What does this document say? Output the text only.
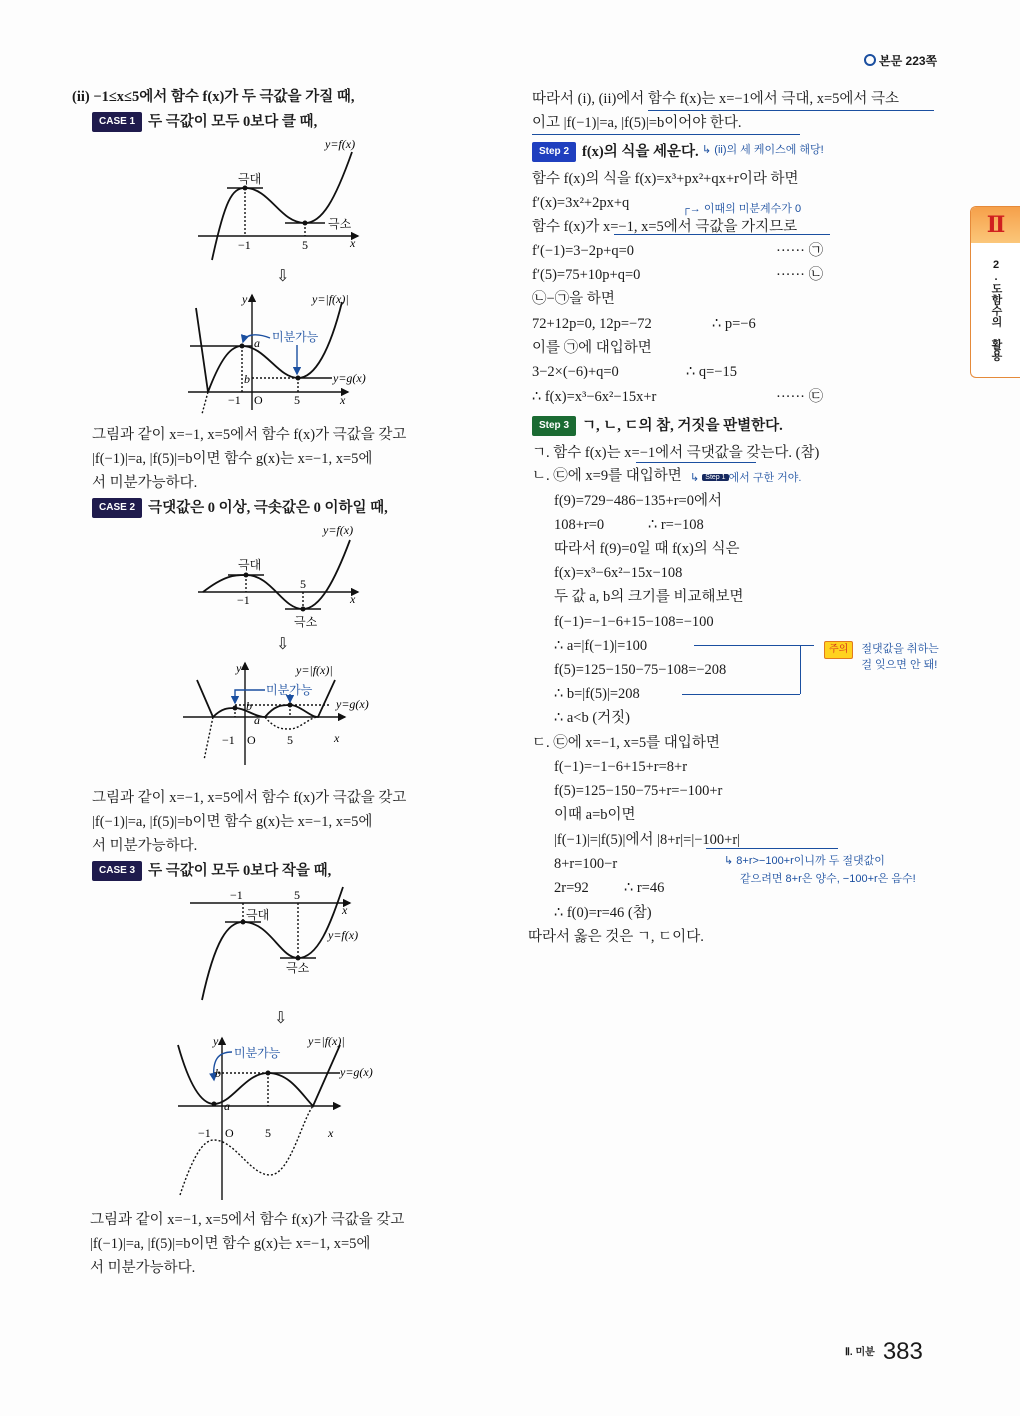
본문 223쪽
Ⅱ
2.도함수의 활용
(ii) −1≤x≤5에서 함수 f(x)가 두 극값을 가질 때,
CASE 1 두 극값이 모두 0보다 클 때,
y=f(x)
극대
극소
−1	5	x
y=|f(x)|
y
미분가능
a
b	y=g(x)
−1 O	5	x
y=f(x)
극대
극소
−1
5
x
y=|f(x)|
y
미분가능
b
a
y=g(x)
−1 O	5	x
−1	5
극대
극소
x
y=f(x)
y=|f(x)|
y
미분가능
b
a
y=g(x)
−1 O	5	x
⇩
⇩
⇩
그림과 같이 x=−1, x=5에서 함수 f(x)가 극값을 갖고
|f(−1)|=a, |f(5)|=b이면 함수 g(x)는 x=−1, x=5에
서 미분가능하다.
CASE 2 극댓값은 0 이상, 극솟값은 0 이하일 때,
그림과 같이 x=−1, x=5에서 함수 f(x)가 극값을 갖고
|f(−1)|=a, |f(5)|=b이면 함수 g(x)는 x=−1, x=5에
서 미분가능하다.
CASE 3 두 극값이 모두 0보다 작을 때,
그림과 같이 x=−1, x=5에서 함수 f(x)가 극값을 갖고
|f(−1)|=a, |f(5)|=b이면 함수 g(x)는 x=−1, x=5에
서 미분가능하다.
따라서 (i), (ii)에서 함수 f(x)는 x=−1에서 극대, x=5에서 극소
이고 |f(−1)|=a, |f(5)|=b이어야 한다.
Step 2 f(x)의 식을 세운다. ↳ (ii)의 세 케이스에 해당!
함수 f(x)의 식을 f(x)=x³+px²+qx+r이라 하면
f′(x)=3x²+2px+q	┌→ 이때의 미분계수가 0
함수 f(x)가 x=−1, x=5에서 극값을 가지므로
f′(−1)=3−2p+q=0	······ ㉠
f′(5)=75+10p+q=0	······ ㉡
㉡−㉠을 하면
72+12p=0, 12p=−72	∴ p=−6
이를 ㉠에 대입하면
3−2×(−6)+q=0	∴ q=−15
∴ f(x)=x³−6x²−15x+r	······ ㉢
Step 3 ㄱ, ㄴ, ㄷ의 참, 거짓을 판별한다.
ㄱ. 함수 f(x)는 x=−1에서 극댓값을 갖는다. (참)
ㄴ. ㉢에 x=9를 대입하면 ↳ Step 1 에서 구한 거야.
f(9)=729−486−135+r=0에서
108+r=0	∴ r=−108
따라서 f(9)=0일 때 f(x)의 식은
f(x)=x³−6x²−15x−108
두 값 a, b의 크기를 비교해보면
f(−1)=−1−6+15−108=−100
∴ a=|f(−1)|=100
f(5)=125−150−75−108=−208
∴ b=|f(5)|=208
∴ a<b (거짓)
주의 절댓값을 취하는
걸 잊으면 안 돼!
ㄷ. ㉢에 x=−1, x=5를 대입하면
f(−1)=−1−6+15+r=8+r
f(5)=125−150−75+r=−100+r
이때 a=b이면
|f(−1)|=|f(5)|에서 |8+r|=|−100+r|
↳ 8+r>−100+r이니까 두 절댓값이
같으려면 8+r은 양수, −100+r은 음수!
8+r=100−r
2r=92 ∴ r=46
∴ f(0)=r=46 (참)
따라서 옳은 것은 ㄱ, ㄷ이다.
$^{Ⅱ. 미분}$ 383
